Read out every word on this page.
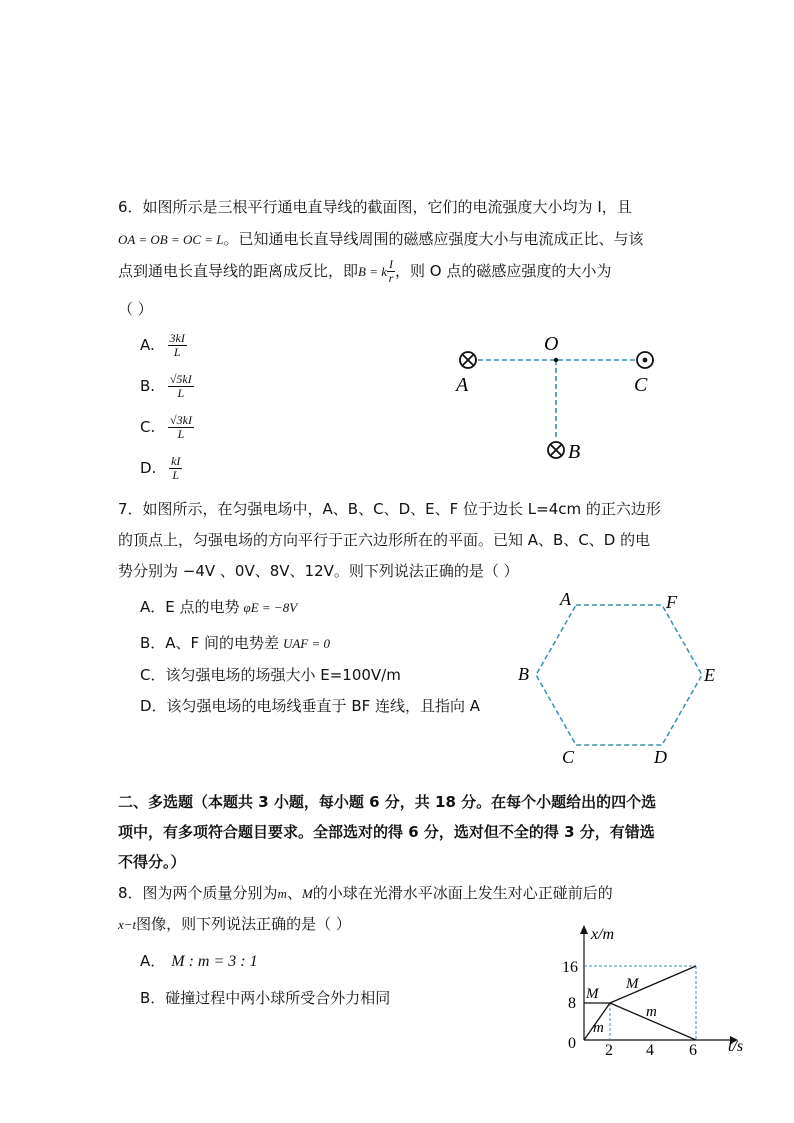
6．如图所示是三根平行通电直导线的截面图，它们的电流强度大小均为 I，且
OA = OB = OC = L。已知通电长直导线周围的磁感应强度大小与电流成正比、与该
点到通电长直导线的距离成反比，即B = k $\frac{I}{r}$ ，则 O 点的磁感应强度的大小为
（ ）
A. $\frac{3kI}{L}$
B. $\frac{√5kI}{L}$
C. $\frac{√3kI}{L}$
D. $\frac{kI}{L}$
O
A	C
B
7．如图所示，在匀强电场中，A、B、C、D、E、F 位于边长 L=4cm 的正六边形
的顶点上，匀强电场的方向平行于正六边形所在的平面。已知 A、B、C、D 的电
势分别为 −4V 、0V、8V、12V。则下列说法正确的是（ ）
A．E 点的电势 φE = −8V
B．A、F 间的电势差 UAF = 0
C．该匀强电场的场强大小 E=100V/m
D．该匀强电场的电场线垂直于 BF 连线，且指向 A
A	F
B	E
C	D
二、多选题（本题共 3 小题，每小题 6 分，共 18 分。在每个小题给出的四个选
项中，有多项符合题目要求。全部选对的得 6 分，选对但不全的得 3 分，有错选
不得分。）
8．图为两个质量分别为m、M的小球在光滑水平冰面上发生对心正碰前后的
x−t图像，则下列说法正确的是（ ）
A． M : m = 3 : 1
B．碰撞过程中两小球所受合外力相同
16
8
0 2 4 6
x/m
t/s
M
M
m
m
